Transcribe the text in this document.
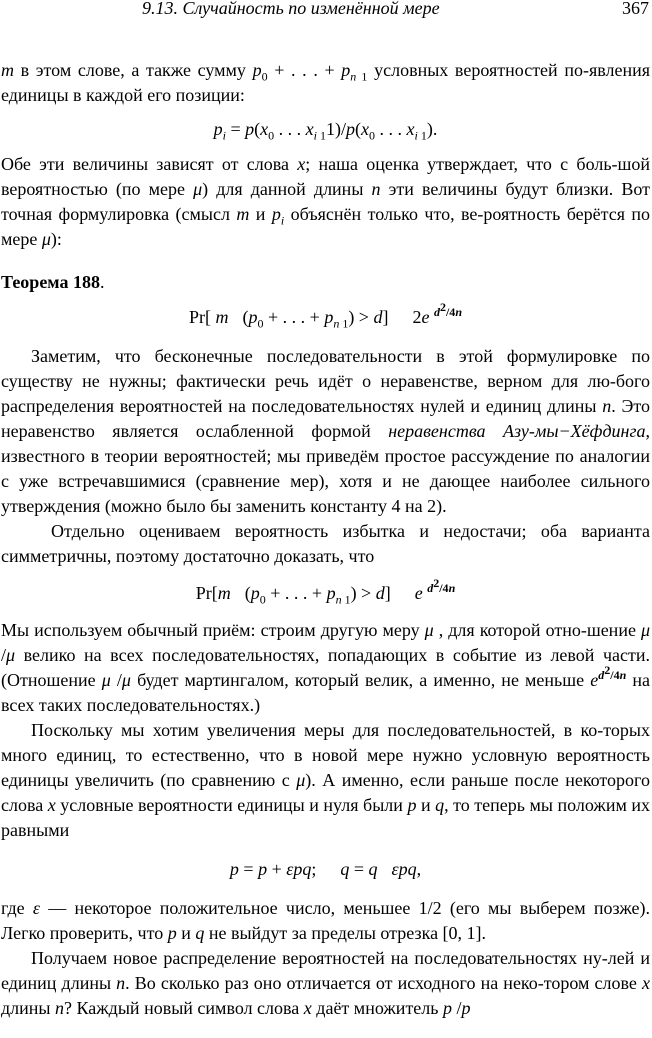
9.13. Случайность по изменённой мере	367

m в этом слове, а также сумму $p_0$ + . . . + $p_{n 1}$ условных вероятностей по-явления единицы в каждой его позиции:

$p_i = p(x_0$ . . . $x_{i 1}1)/p(x_0$ . . . $x_{i 1}$).

Обе эти величины зависят от слова x; наша оценка утверждает, что с боль-шой вероятностью (по мере μ) для данной длины n эти величины будут близки. Вот точная формулировка (смысл m и $p_i$ объяснён только что, ве-роятность берётся по мере μ):

Теорема 188.

Pr[ m ($p_0$ + . . . + $p_{n 1}) > d$] 2e $^{d^2/4n}$

Заметим, что бесконечные последовательности в этой формулировке по существу не нужны; фактически речь идёт о неравенстве, верном для лю-бого распределения вероятностей на последовательностях нулей и единиц длины n. Это неравенство является ослабленной формой неравенства Азу-мы−Хёфдинга, известного в теории вероятностей; мы приведём простое рассуждение по аналогии с уже встречавшимися (сравнение мер), хотя и не дающее наиболее сильного утверждения (можно было бы заменить константу 4 на 2).

Отдельно оцениваем вероятность избытка и недостачи; оба варианта симметричны, поэтому достаточно доказать, что

Pr[m ($p_0$ + . . . + $p_{n 1}) > d$] e $^{d^2/4n}$

Мы используем обычный приём: строим другую меру μ , для которой отно-шение μ /μ велико на всех последовательностях, попадающих в событие из левой части. (Отношение μ /μ будет мартингалом, который велик, а именно, не меньше $e^{d^2/4n}$ на всех таких последовательностях.)

Поскольку мы хотим увеличения меры для последовательностей, в ко-торых много единиц, то естественно, что в новой мере нужно условную вероятность единицы увеличить (по сравнению с μ). А именно, если раньше после некоторого слова x условные вероятности единицы и нуля были p и q, то теперь мы положим их равными

p = p + εpq; q = q εpq,

где ε — некоторое положительное число, меньшее 1/2 (его мы выберем позже). Легко проверить, что p и q не выйдут за пределы отрезка [0, 1].

Получаем новое распределение вероятностей на последовательностях ну-лей и единиц длины n. Во сколько раз оно отличается от исходного на неко-тором слове x длины n? Каждый новый символ слова x даёт множитель p /p
